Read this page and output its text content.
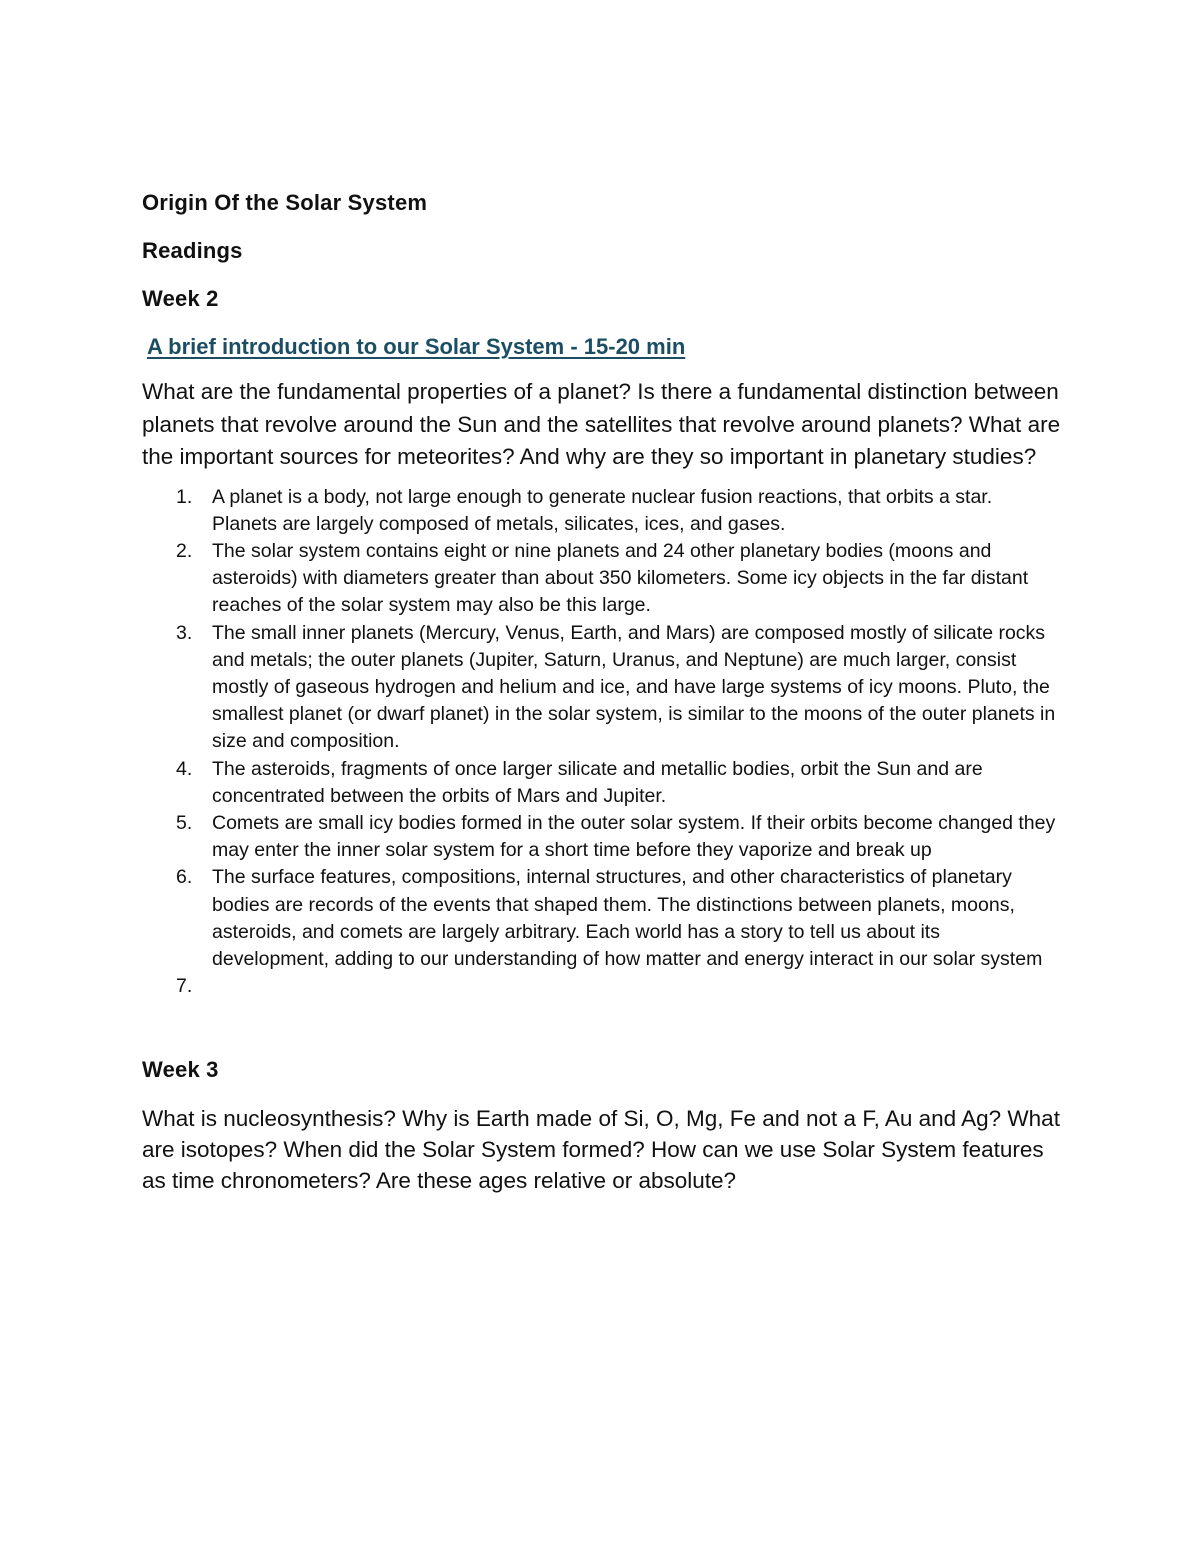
Origin Of the Solar System
Readings
Week 2
A brief introduction to our Solar System - 15-20 min

What are the fundamental properties of a planet? Is there a fundamental distinction between planets that revolve around the Sun and the satellites that revolve around planets? What are the important sources for meteorites? And why are they so important in planetary studies?

1. A planet is a body, not large enough to generate nuclear fusion reactions, that orbits a star. Planets are largely composed of metals, silicates, ices, and gases.
2. The solar system contains eight or nine planets and 24 other planetary bodies (moons and asteroids) with diameters greater than about 350 kilometers. Some icy objects in the far distant reaches of the solar system may also be this large.
3. The small inner planets (Mercury, Venus, Earth, and Mars) are composed mostly of silicate rocks and metals; the outer planets (Jupiter, Saturn, Uranus, and Neptune) are much larger, consist mostly of gaseous hydrogen and helium and ice, and have large systems of icy moons. Pluto, the smallest planet (or dwarf planet) in the solar system, is similar to the moons of the outer planets in size and composition.
4. The asteroids, fragments of once larger silicate and metallic bodies, orbit the Sun and are concentrated between the orbits of Mars and Jupiter.
5. Comets are small icy bodies formed in the outer solar system. If their orbits become changed they may enter the inner solar system for a short time before they vaporize and break up
6. The surface features, compositions, internal structures, and other characteristics of planetary bodies are records of the events that shaped them. The distinctions between planets, moons, asteroids, and comets are largely arbitrary. Each world has a story to tell us about its development, adding to our understanding of how matter and energy interact in our solar system
7.

Week 3

What is nucleosynthesis? Why is Earth made of Si, O, Mg, Fe and not a F, Au and Ag? What are isotopes? When did the Solar System formed? How can we use Solar System features as time chronometers? Are these ages relative or absolute?
